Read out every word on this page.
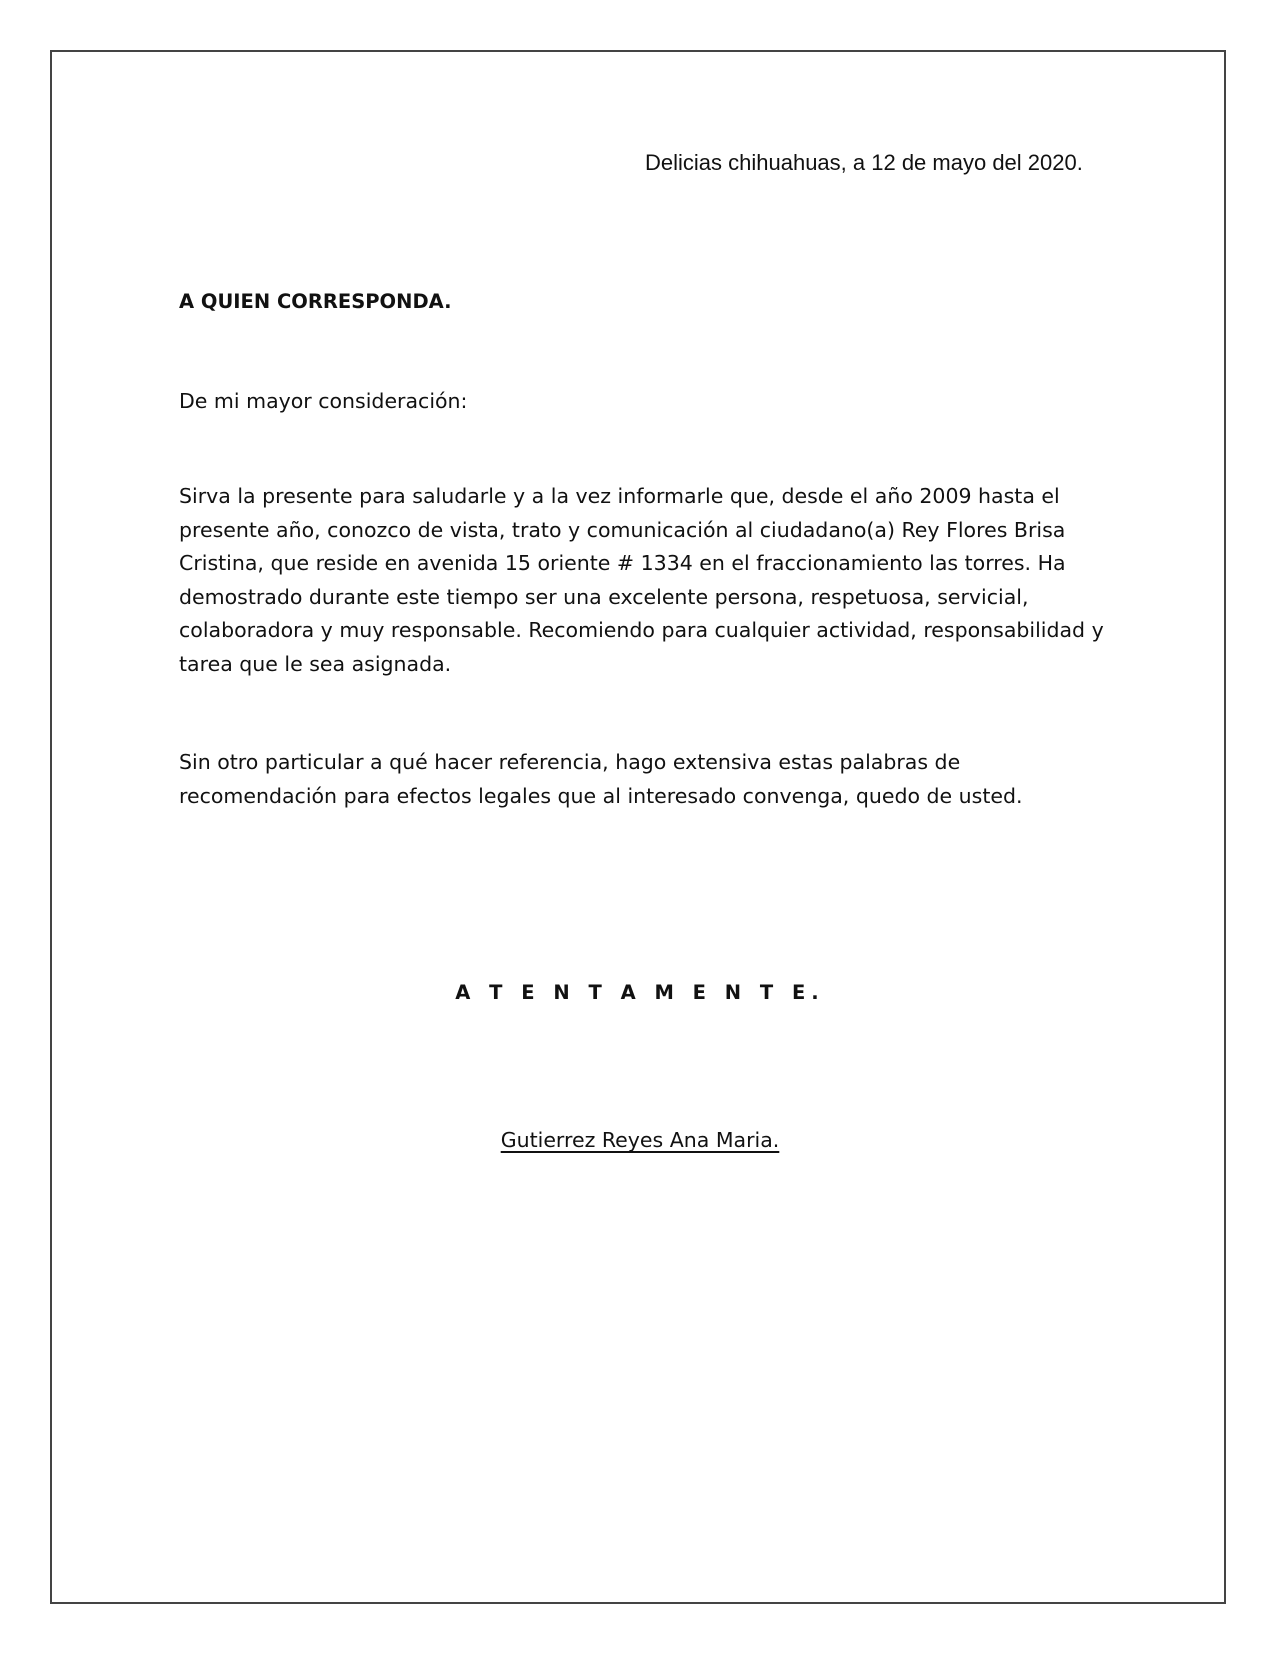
Delicias chihuahuas, a 12 de mayo del 2020.
A QUIEN CORRESPONDA.
De mi mayor consideración:
Sirva la presente para saludarle y a la vez informarle que, desde el año 2009 hasta el
presente año, conozco de vista, trato y comunicación al ciudadano(a) Rey Flores Brisa
Cristina, que reside en avenida 15 oriente # 1334 en el fraccionamiento las torres. Ha
demostrado durante este tiempo ser una excelente persona, respetuosa, servicial,
colaboradora y muy responsable. Recomiendo para cualquier actividad, responsabilidad y
tarea que le sea asignada.
Sin otro particular a qué hacer referencia, hago extensiva estas palabras de
recomendación para efectos legales que al interesado convenga, quedo de usted.
A T E N T A M E N T E.
Gutierrez Reyes Ana Maria.
